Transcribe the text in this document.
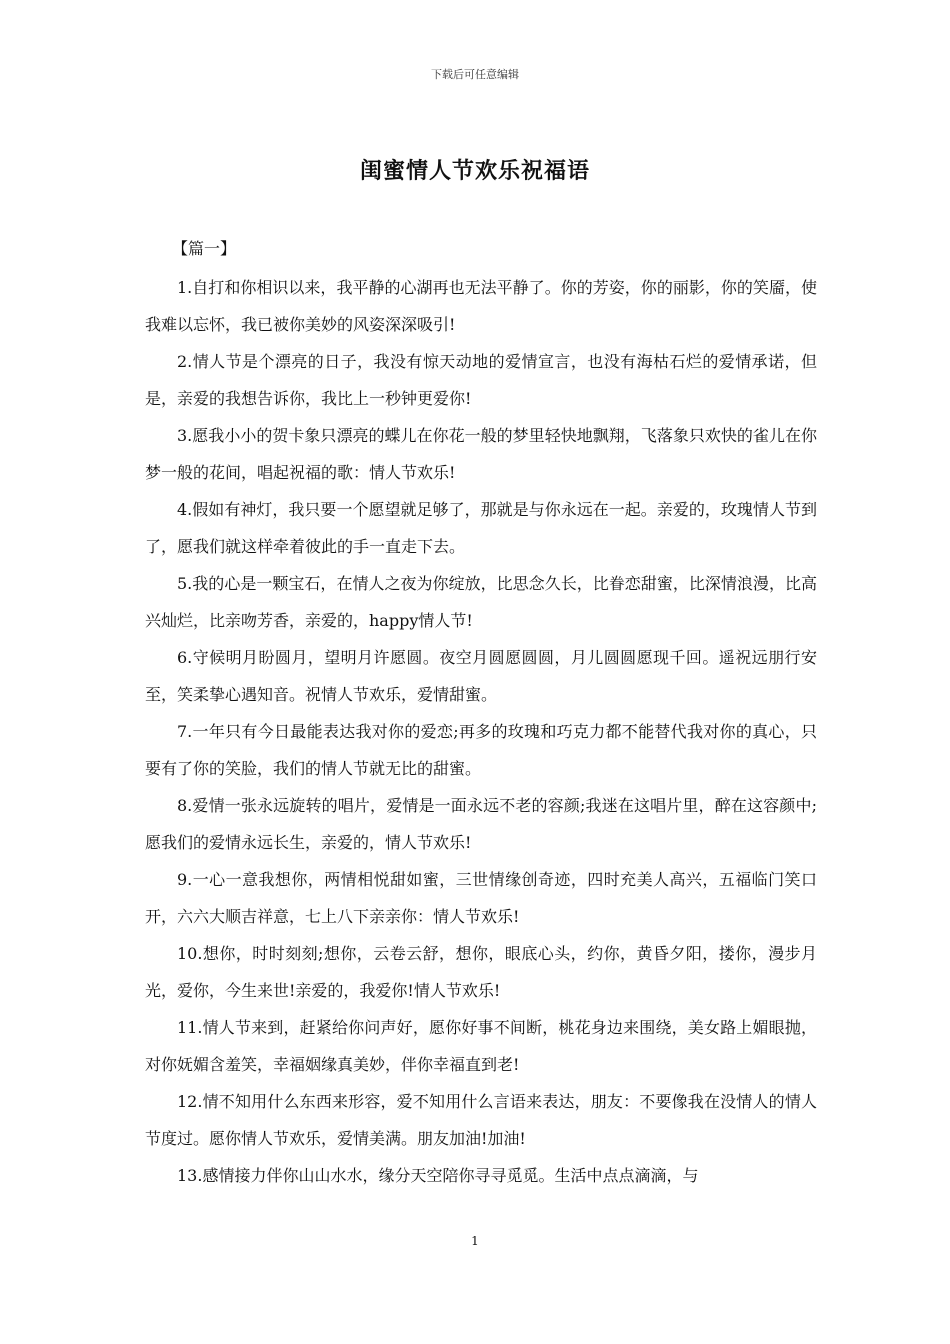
下载后可任意编辑
闺蜜情人节欢乐祝福语
【篇一】

1.自打和你相识以来，我平静的心湖再也无法平静了。你的芳姿，你的丽影，你的笑靥，使我难以忘怀，我已被你美妙的风姿深深吸引!

2.情人节是个漂亮的日子，我没有惊天动地的爱情宣言，也没有海枯石烂的爱情承诺，但是，亲爱的我想告诉你，我比上一秒钟更爱你!

3.愿我小小的贺卡象只漂亮的蝶儿在你花一般的梦里轻快地飘翔，飞落象只欢快的雀儿在你梦一般的花间，唱起祝福的歌：情人节欢乐!

4.假如有神灯，我只要一个愿望就足够了，那就是与你永远在一起。亲爱的，玫瑰情人节到了，愿我们就这样牵着彼此的手一直走下去。

5.我的心是一颗宝石，在情人之夜为你绽放，比思念久长，比眷恋甜蜜，比深情浪漫，比高兴灿烂，比亲吻芳香，亲爱的，happy情人节!

6.守候明月盼圆月，望明月许愿圆。夜空月圆愿圆圆，月儿圆圆愿现千回。遥祝远朋行安至，笑柔挚心遇知音。祝情人节欢乐，爱情甜蜜。

7.一年只有今日最能表达我对你的爱恋;再多的玫瑰和巧克力都不能替代我对你的真心，只要有了你的笑脸，我们的情人节就无比的甜蜜。

8.爱情一张永远旋转的唱片，爱情是一面永远不老的容颜;我迷在这唱片里，醉在这容颜中;愿我们的爱情永远长生，亲爱的，情人节欢乐!

9.一心一意我想你，两情相悦甜如蜜，三世情缘创奇迹，四时充美人高兴，五福临门笑口开，六六大顺吉祥意，七上八下亲亲你：情人节欢乐!

10.想你，时时刻刻;想你，云卷云舒，想你，眼底心头，约你，黄昏夕阳，搂你，漫步月光，爱你，今生来世!亲爱的，我爱你!情人节欢乐!

11.情人节来到，赶紧给你问声好，愿你好事不间断，桃花身边来围绕，美女路上媚眼抛，对你妩媚含羞笑，幸福姻缘真美妙，伴你幸福直到老!

12.情不知用什么东西来形容，爱不知用什么言语来表达，朋友：不要像我在没情人的情人节度过。愿你情人节欢乐，爱情美满。朋友加油!加油!

13.感情接力伴你山山水水，缘分天空陪你寻寻觅觅。生活中点点滴滴，与

1
